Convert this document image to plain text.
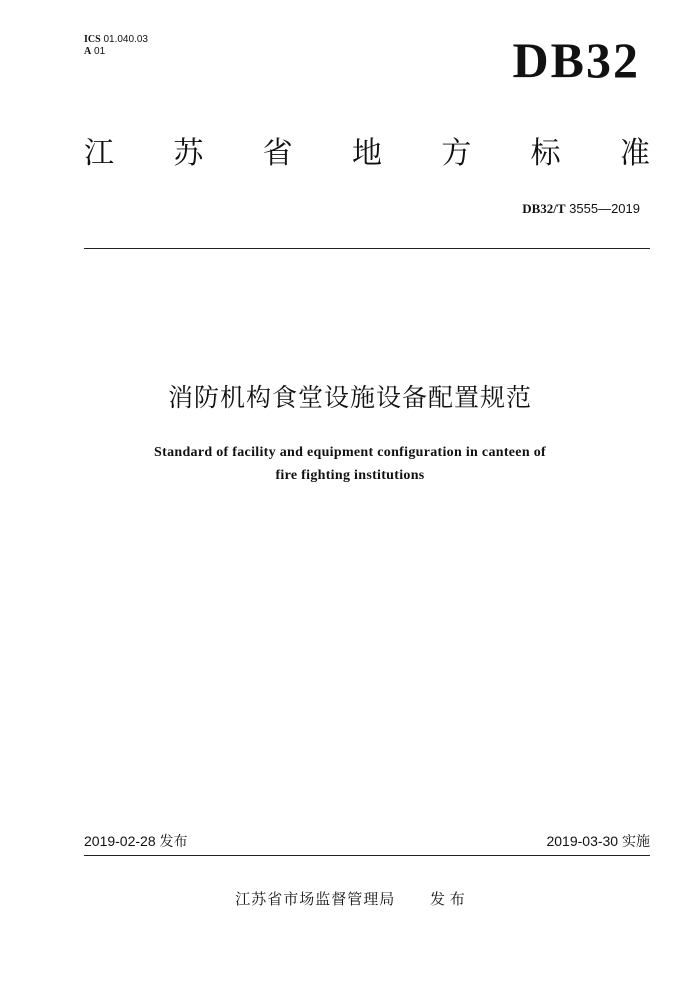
ICS 01.040.03
A 01	DB32
江 苏 省 地 方 标 准
DB32/T 3555—2019
消防机构食堂设施设备配置规范
Standard of facility and equipment configuration in canteen of
fire fighting institutions
2019-02-28 发布	2019-03-30 实施
江苏省市场监督管理局 发 布
